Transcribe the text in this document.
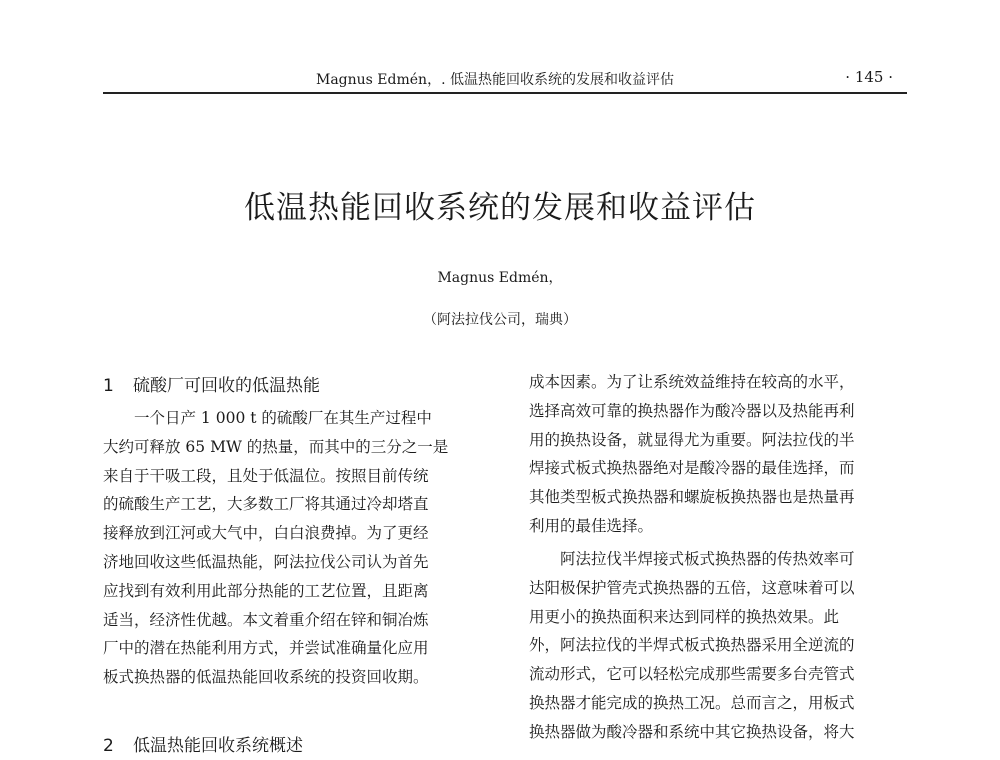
Magnus Edmén，. 低温热能回收系统的发展和收益评估	· 145 ·
低温热能回收系统的发展和收益评估
Magnus Edmén，
（阿法拉伐公司，瑞典）
1 硫酸厂可回收的低温热能
　　一个日产 1 000 t 的硫酸厂在其生产过程中
大约可释放 65 MW 的热量，而其中的三分之一是
来自于干吸工段，且处于低温位。按照目前传统
的硫酸生产工艺，大多数工厂将其通过冷却塔直
接释放到江河或大气中，白白浪费掉。为了更经
济地回收这些低温热能，阿法拉伐公司认为首先
应找到有效利用此部分热能的工艺位置，且距离
适当，经济性优越。本文着重介绍在锌和铜冶炼
厂中的潜在热能利用方式，并尝试准确量化应用
板式换热器的低温热能回收系统的投资回收期。
2 低温热能回收系统概述
成本因素。为了让系统效益维持在较高的水平，
选择高效可靠的换热器作为酸冷器以及热能再利
用的换热设备，就显得尤为重要。阿法拉伐的半
焊接式板式换热器绝对是酸冷器的最佳选择，而
其他类型板式换热器和螺旋板换热器也是热量再
利用的最佳选择。
　　阿法拉伐半焊接式板式换热器的传热效率可
达阳极保护管壳式换热器的五倍，这意味着可以
用更小的换热面积来达到同样的换热效果。此
外，阿法拉伐的半焊式板式换热器采用全逆流的
流动形式，它可以轻松完成那些需要多台壳管式
换热器才能完成的换热工况。总而言之，用板式
换热器做为酸冷器和系统中其它换热设备，将大
